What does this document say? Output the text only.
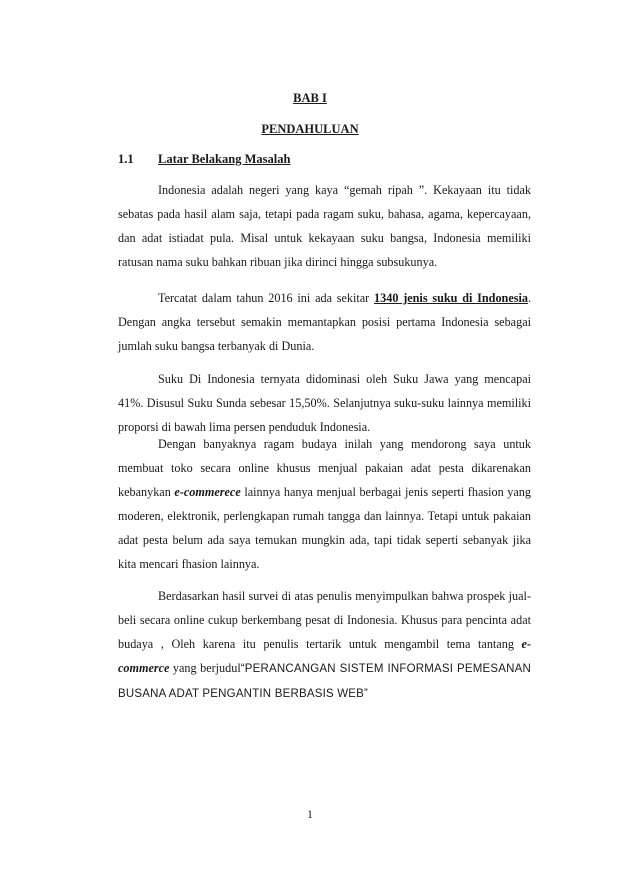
BAB I
PENDAHULUAN
1.1 Latar Belakang Masalah
Indonesia adalah negeri yang kaya “gemah ripah ”. Kekayaan itu tidak sebatas pada hasil alam saja, tetapi pada ragam suku, bahasa, agama, kepercayaan, dan adat istiadat pula. Misal untuk kekayaan suku bangsa, Indonesia memiliki ratusan nama suku bahkan ribuan jika dirinci hingga subsukunya.
Tercatat dalam tahun 2016 ini ada sekitar 1340 jenis suku di Indonesia. Dengan angka tersebut semakin memantapkan posisi pertama Indonesia sebagai jumlah suku bangsa terbanyak di Dunia.
Suku Di Indonesia ternyata didominasi oleh Suku Jawa yang mencapai 41%. Disusul Suku Sunda sebesar 15,50%. Selanjutnya suku-suku lainnya memiliki proporsi di bawah lima persen penduduk Indonesia.
Dengan banyaknya ragam budaya inilah yang mendorong saya untuk membuat toko secara online khusus menjual pakaian adat pesta dikarenakan kebanykan e-commerece lainnya hanya menjual berbagai jenis seperti fhasion yang moderen, elektronik, perlengkapan rumah tangga dan lainnya. Tetapi untuk pakaian adat pesta belum ada saya temukan mungkin ada, tapi tidak seperti sebanyak jika kita mencari fhasion lainnya.
Berdasarkan hasil survei di atas penulis menyimpulkan bahwa prospek jual-beli secara online cukup berkembang pesat di Indonesia. Khusus para pencinta adat budaya , Oleh karena itu penulis tertarik untuk mengambil tema tantang e-commerce yang berjudul“PERANCANGAN SISTEM INFORMASI PEMESANAN BUSANA ADAT PENGANTIN BERBASIS WEB”
1
